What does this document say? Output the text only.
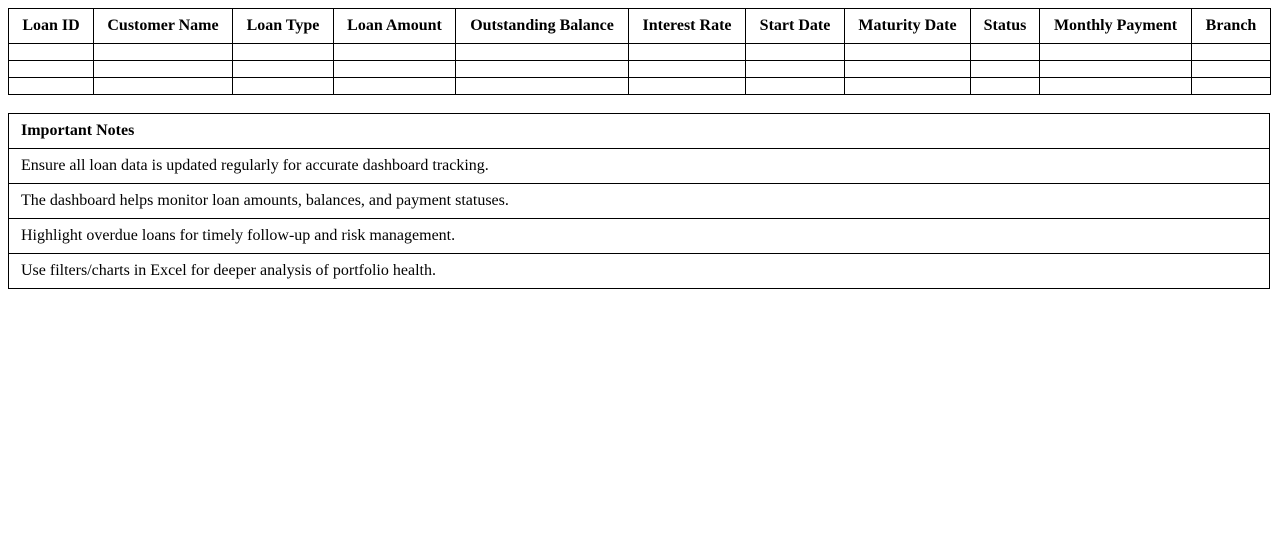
Loan ID	Customer Name	Loan Type	Loan Amount	Outstanding Balance	Interest Rate	Start Date	Maturity Date	Status	Monthly Payment	Branch

Important Notes
Ensure all loan data is updated regularly for accurate dashboard tracking.
The dashboard helps monitor loan amounts, balances, and payment statuses.
Highlight overdue loans for timely follow-up and risk management.
Use filters/charts in Excel for deeper analysis of portfolio health.
